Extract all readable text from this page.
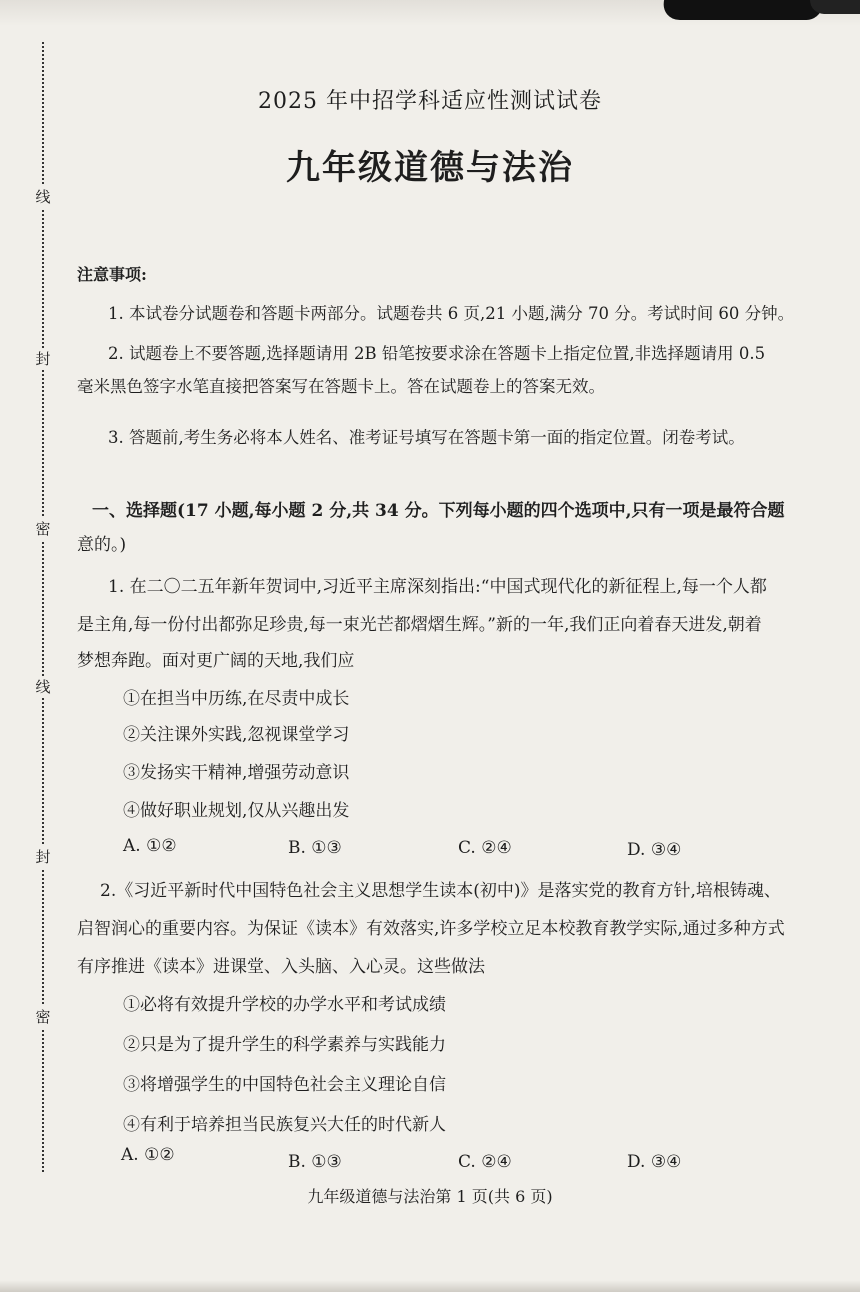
线
封
密
线
封
密
2025 年中招学科适应性测试试卷
九年级道德与法治
注意事项:
1. 本试卷分试题卷和答题卡两部分。试题卷共 6 页,21 小题,满分 70 分。考试时间 60 分钟。
2. 试题卷上不要答题,选择题请用 2B 铅笔按要求涂在答题卡上指定位置,非选择题请用 0.5
毫米黑色签字水笔直接把答案写在答题卡上。答在试题卷上的答案无效。
3. 答题前,考生务必将本人姓名、准考证号填写在答题卡第一面的指定位置。闭卷考试。
一、选择题(17 小题,每小题 2 分,共 34 分。下列每小题的四个选项中,只有一项是最符合题
意的。)
1. 在二〇二五年新年贺词中,习近平主席深刻指出:“中国式现代化的新征程上,每一个人都
是主角,每一份付出都弥足珍贵,每一束光芒都熠熠生辉。”新的一年,我们正向着春天进发,朝着
梦想奔跑。面对更广阔的天地,我们应
①在担当中历练,在尽责中成长
②关注课外实践,忽视课堂学习
③发扬实干精神,增强劳动意识
④做好职业规划,仅从兴趣出发
A. ①②	B. ①③	C. ②④	D. ③④
2.《习近平新时代中国特色社会主义思想学生读本(初中)》是落实党的教育方针,培根铸魂、
启智润心的重要内容。为保证《读本》有效落实,许多学校立足本校教育教学实际,通过多种方式
有序推进《读本》进课堂、入头脑、入心灵。这些做法
①必将有效提升学校的办学水平和考试成绩
②只是为了提升学生的科学素养与实践能力
③将增强学生的中国特色社会主义理论自信
④有利于培养担当民族复兴大任的时代新人
A. ①②	B. ①③	C. ②④	D. ③④
九年级道德与法治第 1 页(共 6 页)
